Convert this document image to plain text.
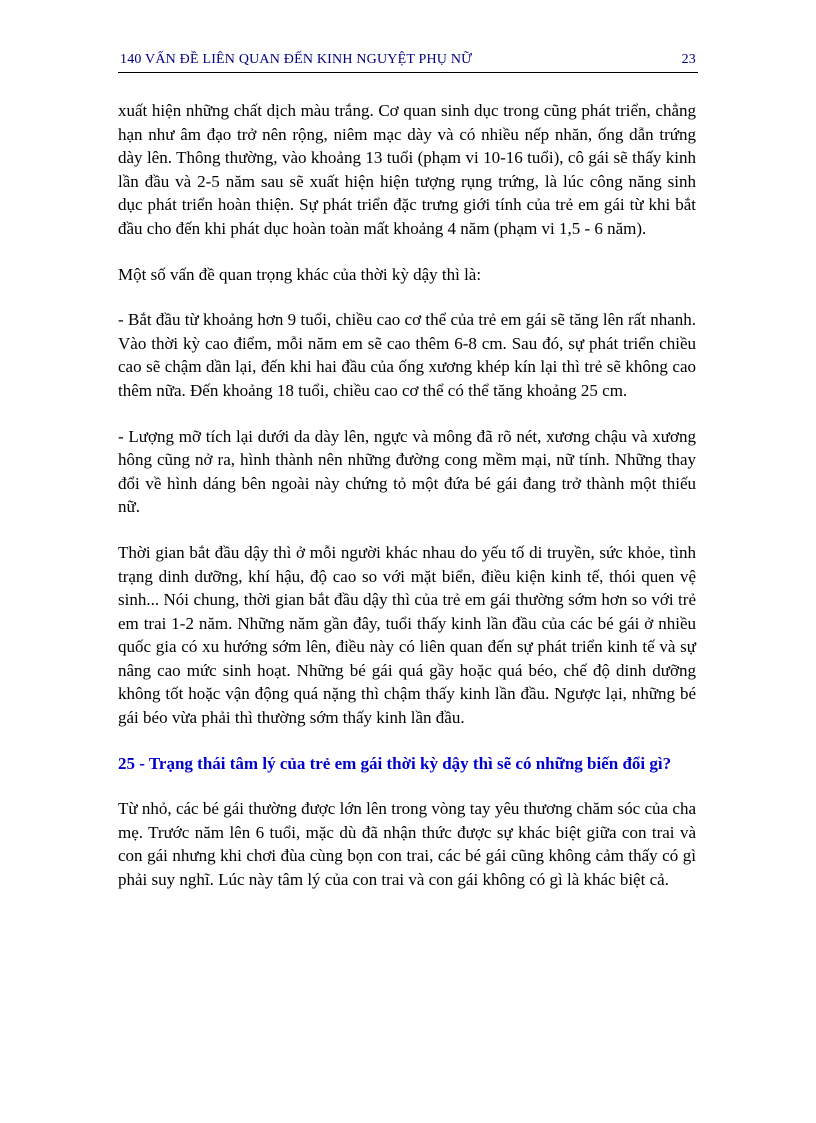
140 VẤN ĐỀ LIÊN QUAN ĐẾN KINH NGUYỆT PHỤ NỮ	23

xuất hiện những chất dịch màu trắng. Cơ quan sinh dục trong cũng phát triển, chẳng hạn như âm đạo trở nên rộng, niêm mạc dày và có nhiều nếp nhăn, ống dẫn trứng dày lên. Thông thường, vào khoảng 13 tuổi (phạm vi 10-16 tuổi), cô gái sẽ thấy kinh lần đầu và 2-5 năm sau sẽ xuất hiện hiện tượng rụng trứng, là lúc công năng sinh dục phát triển hoàn thiện. Sự phát triển đặc trưng giới tính của trẻ em gái từ khi bắt đầu cho đến khi phát dục hoàn toàn mất khoảng 4 năm (phạm vi 1,5 - 6 năm).

Một số vấn đề quan trọng khác của thời kỳ dậy thì là:

- Bắt đầu từ khoảng hơn 9 tuổi, chiều cao cơ thể của trẻ em gái sẽ tăng lên rất nhanh. Vào thời kỳ cao điểm, mỗi năm em sẽ cao thêm 6-8 cm. Sau đó, sự phát triển chiều cao sẽ chậm dần lại, đến khi hai đầu của ống xương khép kín lại thì trẻ sẽ không cao thêm nữa. Đến khoảng 18 tuổi, chiều cao cơ thể có thể tăng khoảng 25 cm.

- Lượng mỡ tích lại dưới da dày lên, ngực và mông đã rõ nét, xương chậu và xương hông cũng nở ra, hình thành nên những đường cong mềm mại, nữ tính. Những thay đổi về hình dáng bên ngoài này chứng tỏ một đứa bé gái đang trở thành một thiếu nữ.

Thời gian bắt đầu dậy thì ở mỗi người khác nhau do yếu tố di truyền, sức khỏe, tình trạng dinh dưỡng, khí hậu, độ cao so với mặt biển, điều kiện kinh tế, thói quen vệ sinh... Nói chung, thời gian bắt đầu dậy thì của trẻ em gái thường sớm hơn so với trẻ em trai 1-2 năm. Những năm gần đây, tuổi thấy kinh lần đầu của các bé gái ở nhiều quốc gia có xu hướng sớm lên, điều này có liên quan đến sự phát triển kinh tế và sự nâng cao mức sinh hoạt. Những bé gái quá gầy hoặc quá béo, chế độ dinh dưỡng không tốt hoặc vận động quá nặng thì chậm thấy kinh lần đầu. Ngược lại, những bé gái béo vừa phải thì thường sớm thấy kinh lần đầu.

25 - Trạng thái tâm lý của trẻ em gái thời kỳ dậy thì sẽ có những biến đổi gì?

Từ nhỏ, các bé gái thường được lớn lên trong vòng tay yêu thương chăm sóc của cha mẹ. Trước năm lên 6 tuổi, mặc dù đã nhận thức được sự khác biệt giữa con trai và con gái nhưng khi chơi đùa cùng bọn con trai, các bé gái cũng không cảm thấy có gì phải suy nghĩ. Lúc này tâm lý của con trai và con gái không có gì là khác biệt cả.
